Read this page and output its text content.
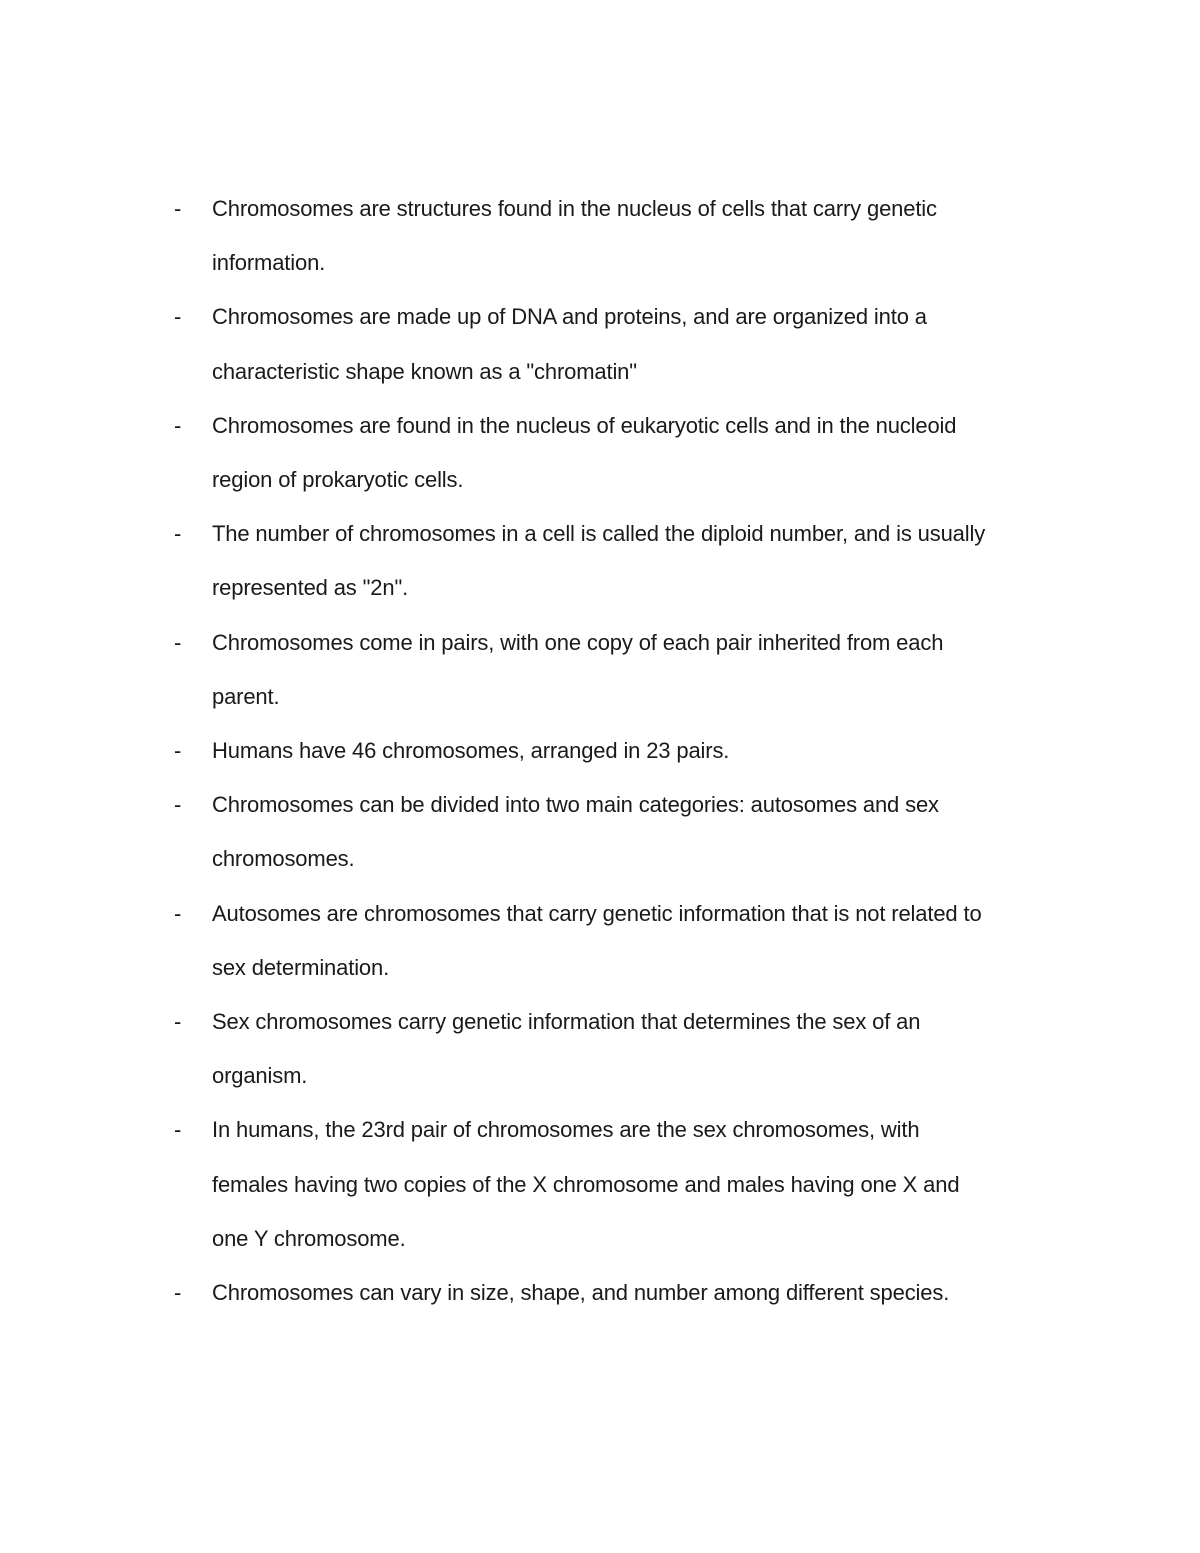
- Chromosomes are structures found in the nucleus of cells that carry genetic
information.
- Chromosomes are made up of DNA and proteins, and are organized into a
characteristic shape known as a "chromatin"
- Chromosomes are found in the nucleus of eukaryotic cells and in the nucleoid
region of prokaryotic cells.
- The number of chromosomes in a cell is called the diploid number, and is usually
represented as "2n".
- Chromosomes come in pairs, with one copy of each pair inherited from each
parent.
- Humans have 46 chromosomes, arranged in 23 pairs.
- Chromosomes can be divided into two main categories: autosomes and sex
chromosomes.
- Autosomes are chromosomes that carry genetic information that is not related to
sex determination.
- Sex chromosomes carry genetic information that determines the sex of an
organism.
- In humans, the 23rd pair of chromosomes are the sex chromosomes, with
females having two copies of the X chromosome and males having one X and
one Y chromosome.
- Chromosomes can vary in size, shape, and number among different species.
